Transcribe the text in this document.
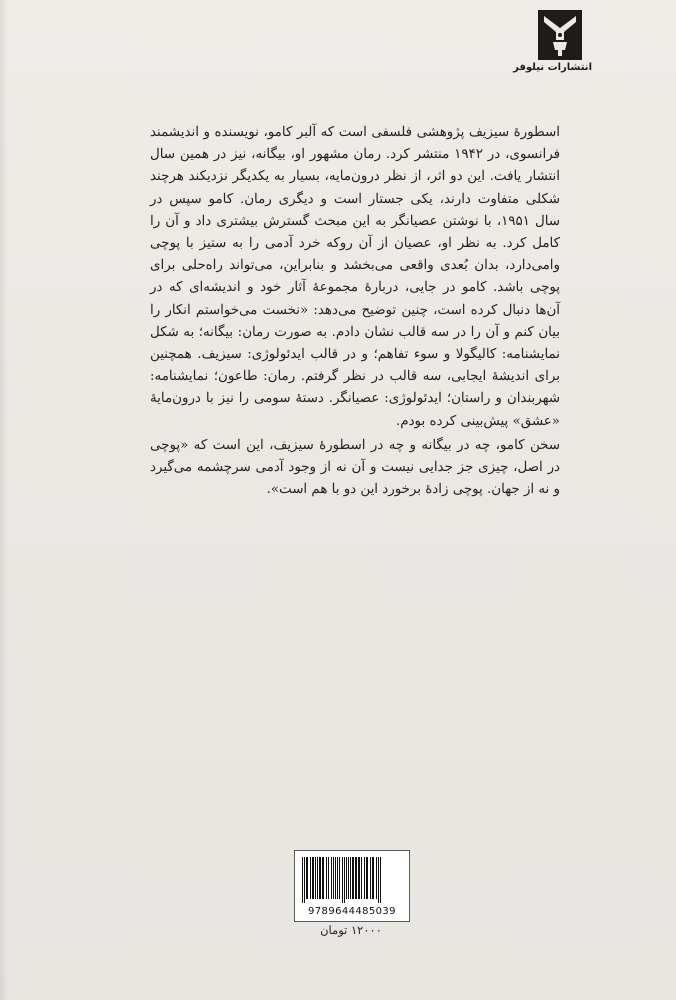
انتشارات نیلوفر

اسطورهٔ سیزیف پژوهشی فلسفی است که آلبر کامو، نویسنده و اندیشمند فرانسوی، در ۱۹۴۲ منتشر کرد. رمان مشهور او، بیگانه، نیز در همین سال انتشار یافت. این دو اثر، از نظر درون‌مایه، بسیار به یکدیگر نزدیکند هرچند شکلی متفاوت دارند، یکی جستار است و دیگری رمان. کامو سپس در سال ۱۹۵۱، با نوشتن عصیانگر به این مبحث گسترش بیشتری داد و آن را کامل کرد. به نظر او، عصیان از آن روکه خرد آدمی را به ستیز با پوچی وامی‌دارد، بدان بُعدی واقعی می‌بخشد و بنابراین، می‌تواند راه‌حلی برای پوچی باشد. کامو در جایی، دربارهٔ مجموعهٔ آثار خود و اندیشه‌ای که در آن‌ها دنبال کرده است، چنین توضیح می‌دهد: «نخست می‌خواستم انکار را بیان کنم و آن را در سه قالب نشان دادم. به صورت رمان: بیگانه؛ به شکل نمایشنامه: کالیگولا و سوء تفاهم؛ و در قالب ایدئولوژی: سیزیف. همچنین برای اندیشهٔ ایجابی، سه قالب در نظر گرفتم. رمان: طاعون؛ نمایشنامه: شهربندان و راستان؛ ایدئولوژی: عصیانگر. دستهٔ سومی را نیز با درون‌مایهٔ «عشق» پیش‌بینی کرده بودم.

سخن کامو، چه در بیگانه و چه در اسطورهٔ سیزیف، این است که «پوچی در اصل، چیزی جز جدایی نیست و آن نه از وجود آدمی سرچشمه می‌گیرد و نه از جهان. پوچی زادهٔ برخورد این دو با هم است».

9789644485039
۱۲۰۰۰ تومان
